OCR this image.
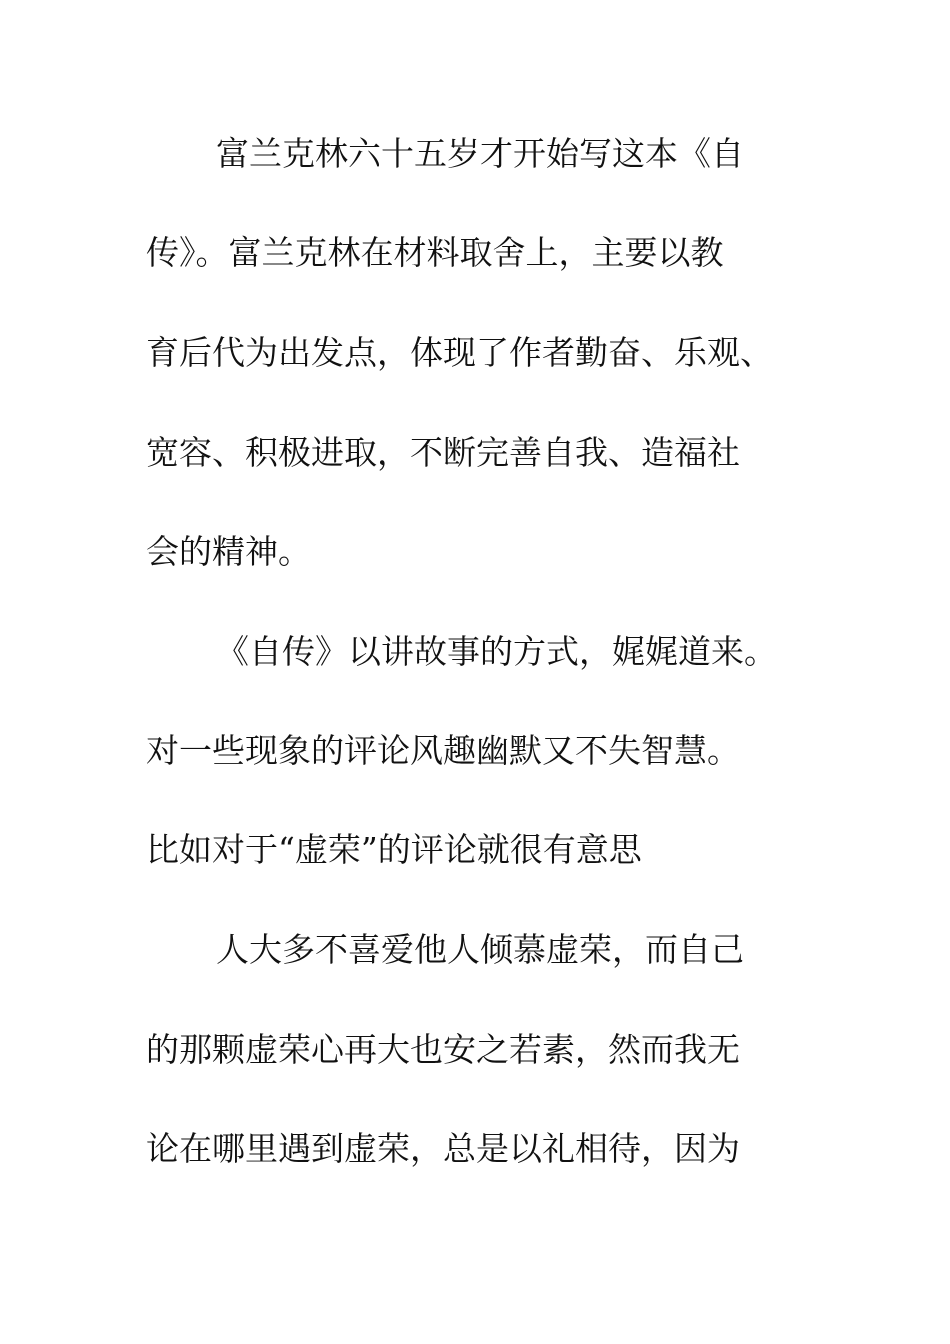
富兰克林六十五岁才开始写这本《自

传》。富兰克林在材料取舍上，主要以教

育后代为出发点，体现了作者勤奋、乐观、

宽容、积极进取，不断完善自我、造福社

会的精神。

《自传》以讲故事的方式，娓娓道来。

对一些现象的评论风趣幽默又不失智慧。

比如对于“虚荣”的评论就很有意思

人大多不喜爱他人倾慕虚荣，而自己

的那颗虚荣心再大也安之若素，然而我无

论在哪里遇到虚荣，总是以礼相待，因为
